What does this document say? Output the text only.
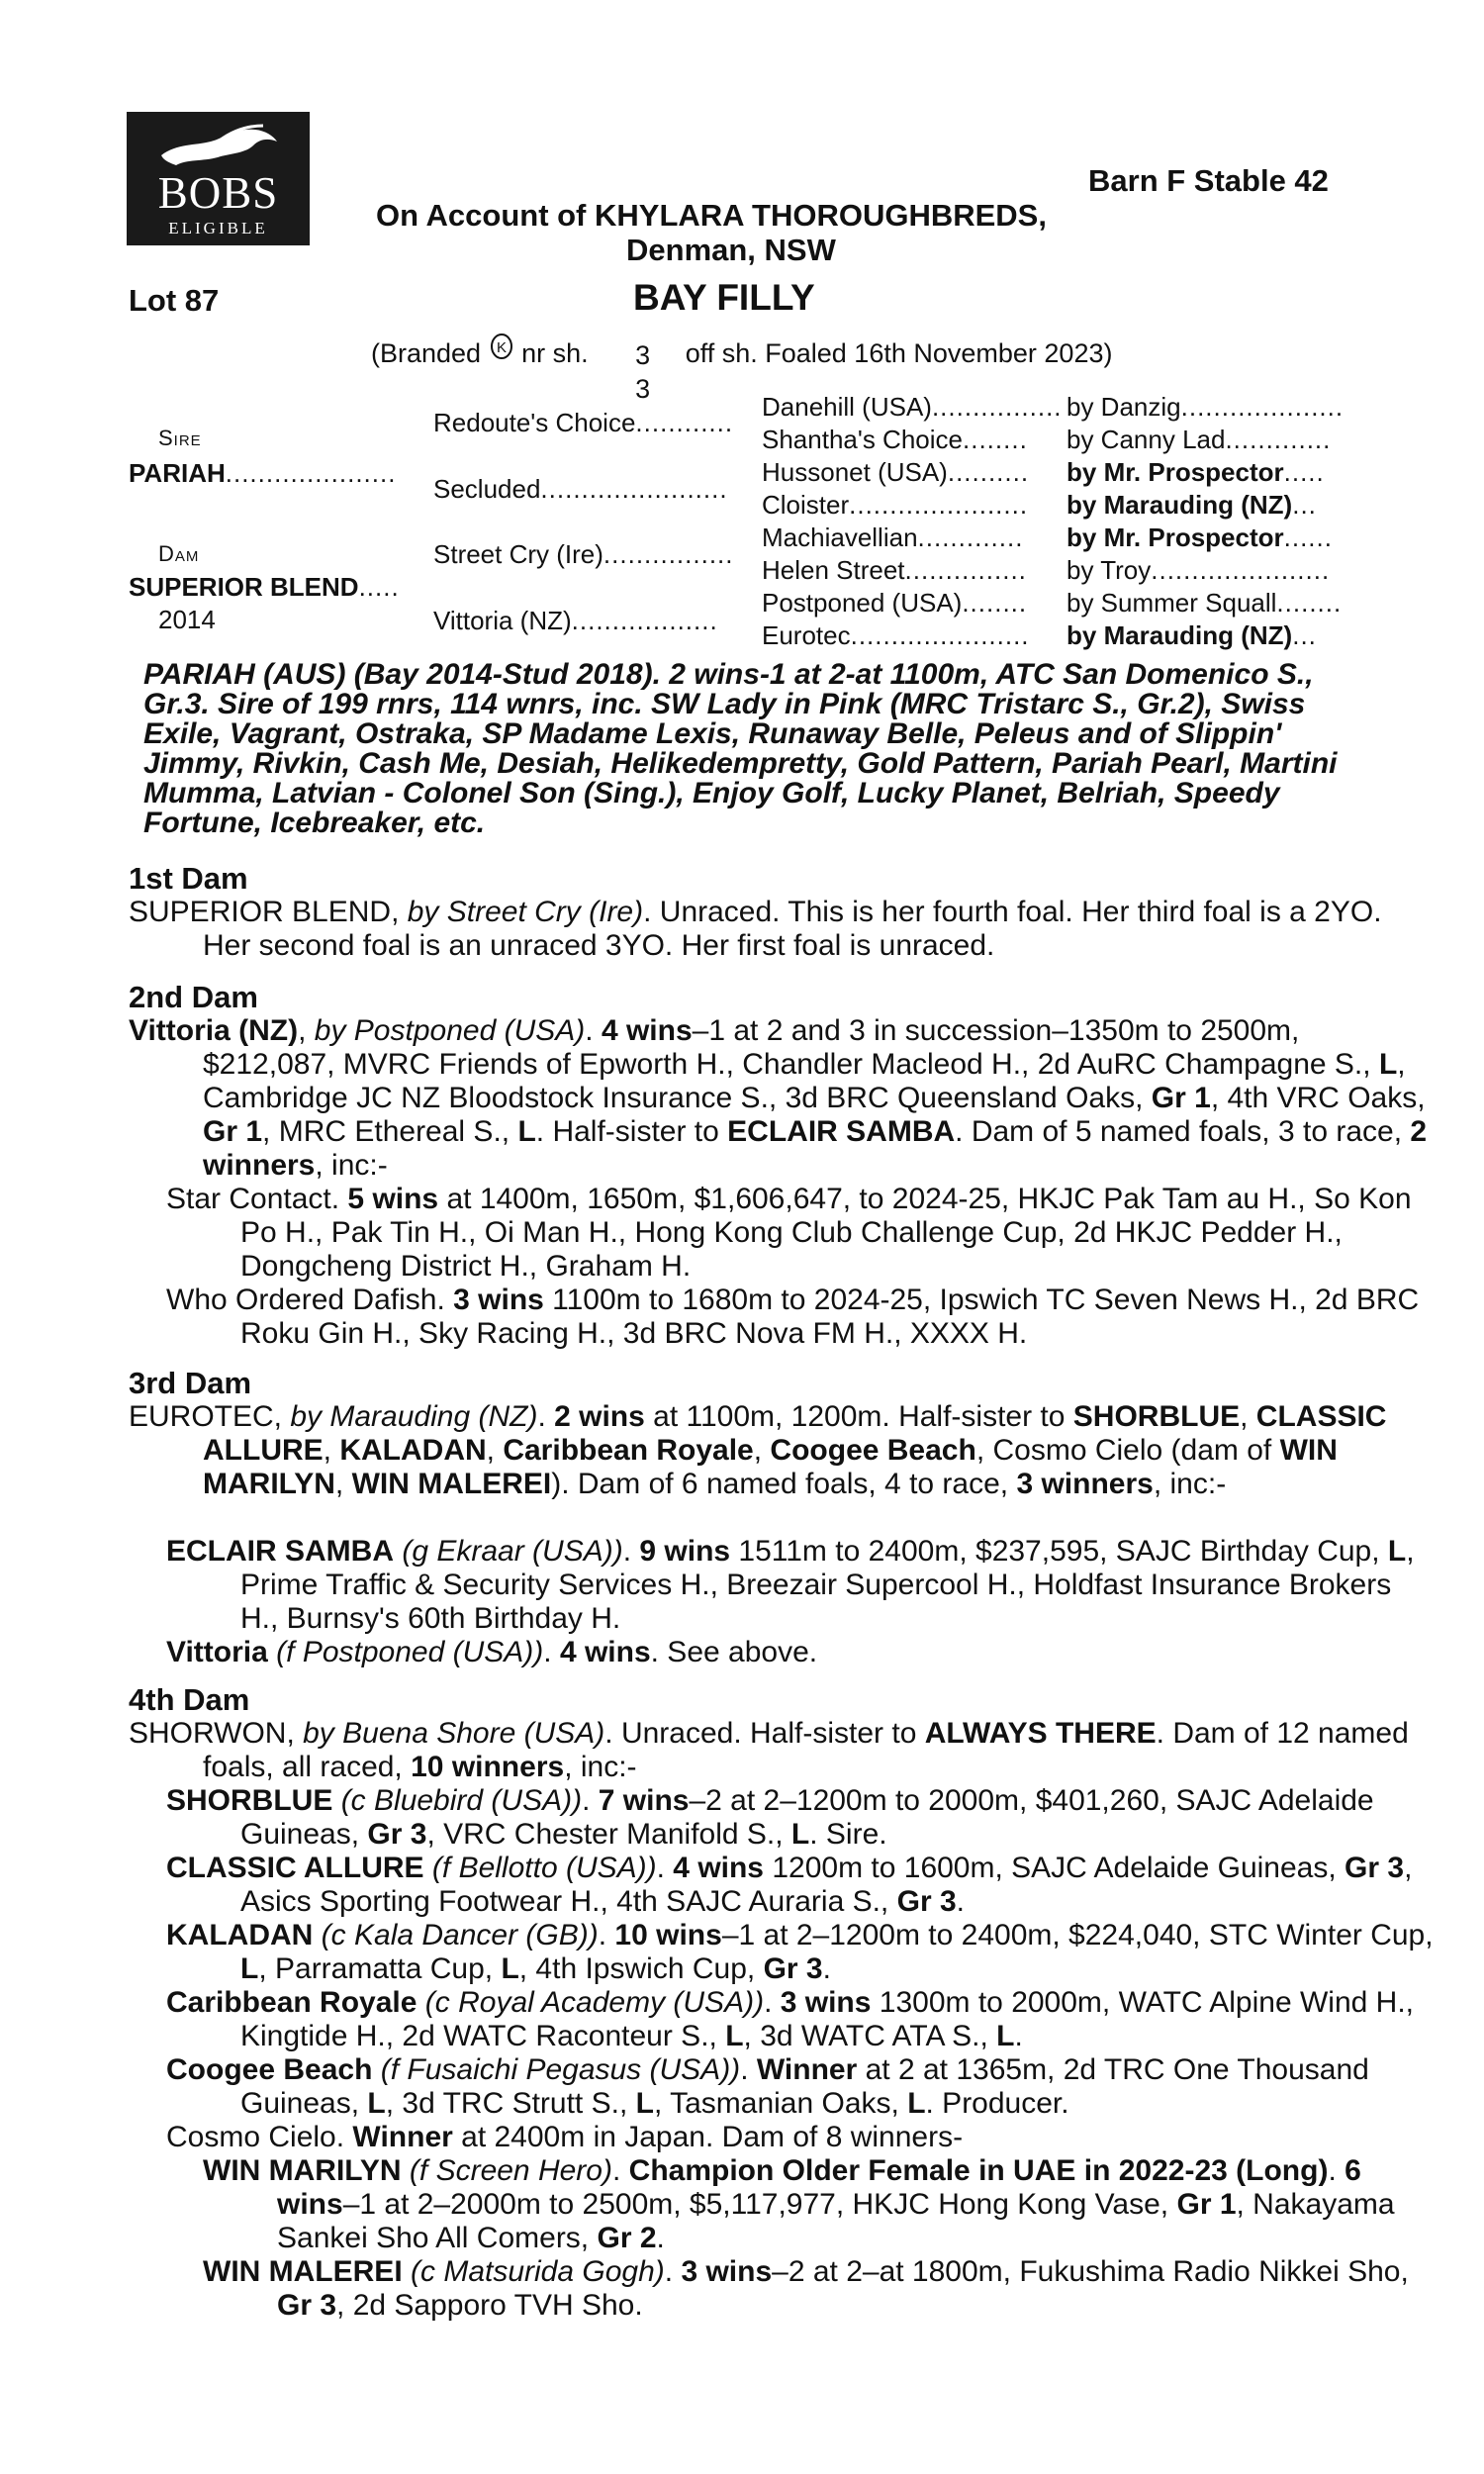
BOBS
ELIGIBLE
Barn F Stable 42
On Account of KHYLARA THOROUGHBREDS,
Denman, NSW
Lot 87	BAY FILLY
(Branded K nr sh. 3
3
off sh. Foaled 16th November 2023)
Sire
PARIAH.....................
Dam
SUPERIOR BLEND.....
2014
Redoute's Choice............
Secluded.......................
Street Cry (Ire)................
Vittoria (NZ)..................
Danehill (USA)................
Shantha's Choice........
Hussonet (USA)..........
Cloister......................
Machiavellian.............
Helen Street...............
Postponed (USA)........
Eurotec......................
by Danzig....................
by Canny Lad.............
by Mr. Prospector.....
by Marauding (NZ)...
by Mr. Prospector......
by Troy......................
by Summer Squall........
by Marauding (NZ)...
PARIAH (AUS) (Bay 2014-Stud 2018). 2 wins-1 at 2-at 1100m, ATC San Domenico S., Gr.3. Sire of 199 rnrs, 114 wnrs, inc. SW Lady in Pink (MRC Tristarc S., Gr.2), Swiss Exile, Vagrant, Ostraka, SP Madame Lexis, Runaway Belle, Peleus and of Slippin' Jimmy, Rivkin, Cash Me, Desiah, Helikedempretty, Gold Pattern, Pariah Pearl, Martini Mumma, Latvian - Colonel Son (Sing.), Enjoy Golf, Lucky Planet, Belriah, Speedy Fortune, Icebreaker, etc.
1st Dam
SUPERIOR BLEND, by Street Cry (Ire). Unraced. This is her fourth foal. Her third foal is a 2YO. Her second foal is an unraced 3YO. Her first foal is unraced.
2nd Dam
Vittoria (NZ), by Postponed (USA). 4 wins–1 at 2 and 3 in succession–1350m to 2500m, $212,087, MVRC Friends of Epworth H., Chandler Macleod H., 2d AuRC Champagne S., L, Cambridge JC NZ Bloodstock Insurance S., 3d BRC Queensland Oaks, Gr 1, 4th VRC Oaks, Gr 1, MRC Ethereal S., L. Half-sister to ECLAIR SAMBA. Dam of 5 named foals, 3 to race, 2 winners, inc:-
Star Contact. 5 wins at 1400m, 1650m, $1,606,647, to 2024-25, HKJC Pak Tam au H., So Kon Po H., Pak Tin H., Oi Man H., Hong Kong Club Challenge Cup, 2d HKJC Pedder H., Dongcheng District H., Graham H.
Who Ordered Dafish. 3 wins 1100m to 1680m to 2024-25, Ipswich TC Seven News H., 2d BRC Roku Gin H., Sky Racing H., 3d BRC Nova FM H., XXXX H.
3rd Dam
EUROTEC, by Marauding (NZ). 2 wins at 1100m, 1200m. Half-sister to SHORBLUE, CLASSIC ALLURE, KALADAN, Caribbean Royale, Coogee Beach, Cosmo Cielo (dam of WIN MARILYN, WIN MALEREI). Dam of 6 named foals, 4 to race, 3 winners, inc:-
ECLAIR SAMBA (g Ekraar (USA)). 9 wins 1511m to 2400m, $237,595, SAJC Birthday Cup, L, Prime Traffic & Security Services H., Breezair Supercool H., Holdfast Insurance Brokers H., Burnsy's 60th Birthday H.
Vittoria (f Postponed (USA)). 4 wins. See above.
4th Dam
SHORWON, by Buena Shore (USA). Unraced. Half-sister to ALWAYS THERE. Dam of 12 named foals, all raced, 10 winners, inc:-
SHORBLUE (c Bluebird (USA)). 7 wins–2 at 2–1200m to 2000m, $401,260, SAJC Adelaide Guineas, Gr 3, VRC Chester Manifold S., L. Sire.
CLASSIC ALLURE (f Bellotto (USA)). 4 wins 1200m to 1600m, SAJC Adelaide Guineas, Gr 3, Asics Sporting Footwear H., 4th SAJC Auraria S., Gr 3.
KALADAN (c Kala Dancer (GB)). 10 wins–1 at 2–1200m to 2400m, $224,040, STC Winter Cup, L, Parramatta Cup, L, 4th Ipswich Cup, Gr 3.
Caribbean Royale (c Royal Academy (USA)). 3 wins 1300m to 2000m, WATC Alpine Wind H., Kingtide H., 2d WATC Raconteur S., L, 3d WATC ATA S., L.
Coogee Beach (f Fusaichi Pegasus (USA)). Winner at 2 at 1365m, 2d TRC One Thousand Guineas, L, 3d TRC Strutt S., L, Tasmanian Oaks, L. Producer.
Cosmo Cielo. Winner at 2400m in Japan. Dam of 8 winners-
WIN MARILYN (f Screen Hero). Champion Older Female in UAE in 2022-23 (Long). 6 wins–1 at 2–2000m to 2500m, $5,117,977, HKJC Hong Kong Vase, Gr 1, Nakayama Sankei Sho All Comers, Gr 2.
WIN MALEREI (c Matsurida Gogh). 3 wins–2 at 2–at 1800m, Fukushima Radio Nikkei Sho, Gr 3, 2d Sapporo TVH Sho.
